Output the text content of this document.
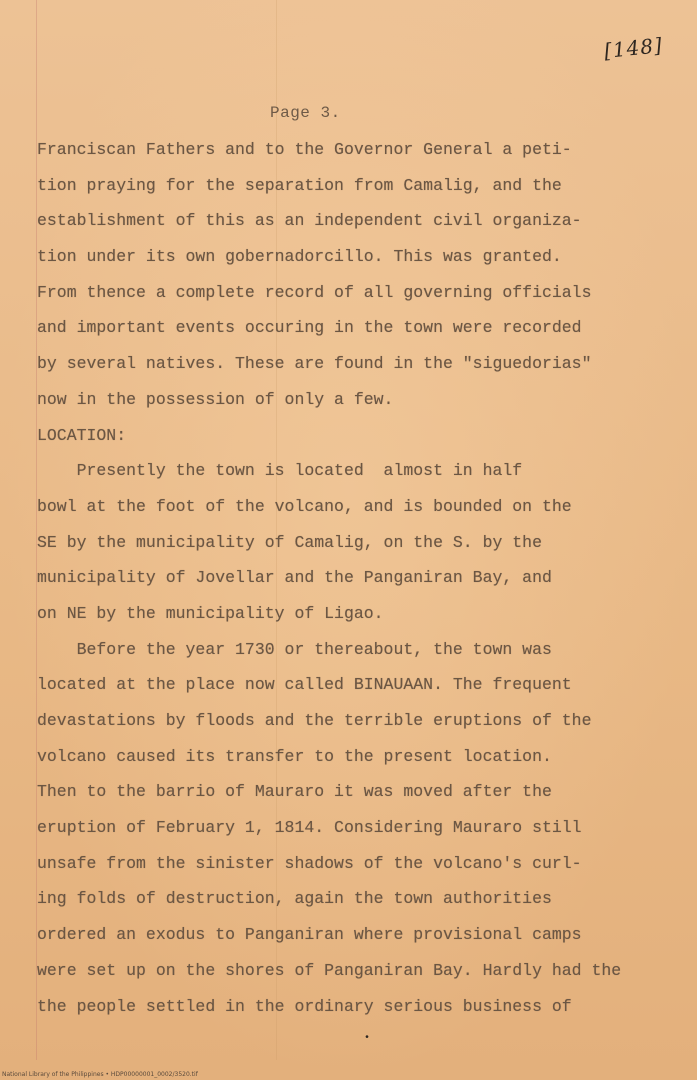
[148]
Page 3.
Franciscan Fathers and to the Governor General a peti-
tion praying for the separation from Camalig, and the
establishment of this as an independent civil organiza-
tion under its own gobernadorcillo. This was granted.
From thence a complete record of all governing officials
and important events occuring in the town were recorded
by several natives. These are found in the "siguedorias"
now in the possession of only a few.
LOCATION:
Presently the town is located  almost in half
bowl at the foot of the volcano, and is bounded on the
SE by the municipality of Camalig, on the S. by the
municipality of Jovellar and the Panganiran Bay, and
on NE by the municipality of Ligao.
Before the year 1730 or thereabout, the town was
located at the place now called BINAUAAN. The frequent
devastations by floods and the terrible eruptions of the
volcano caused its transfer to the present location.
Then to the barrio of Mauraro it was moved after the
eruption of February 1, 1814. Considering Mauraro still
unsafe from the sinister shadows of the volcano's curl-
ing folds of destruction, again the town authorities
ordered an exodus to Panganiran where provisional camps
were set up on the shores of Panganiran Bay. Hardly had the
the people settled in the ordinary serious business of
•
National Library of the Philippines • HDP00000001_0002/3520.tif
